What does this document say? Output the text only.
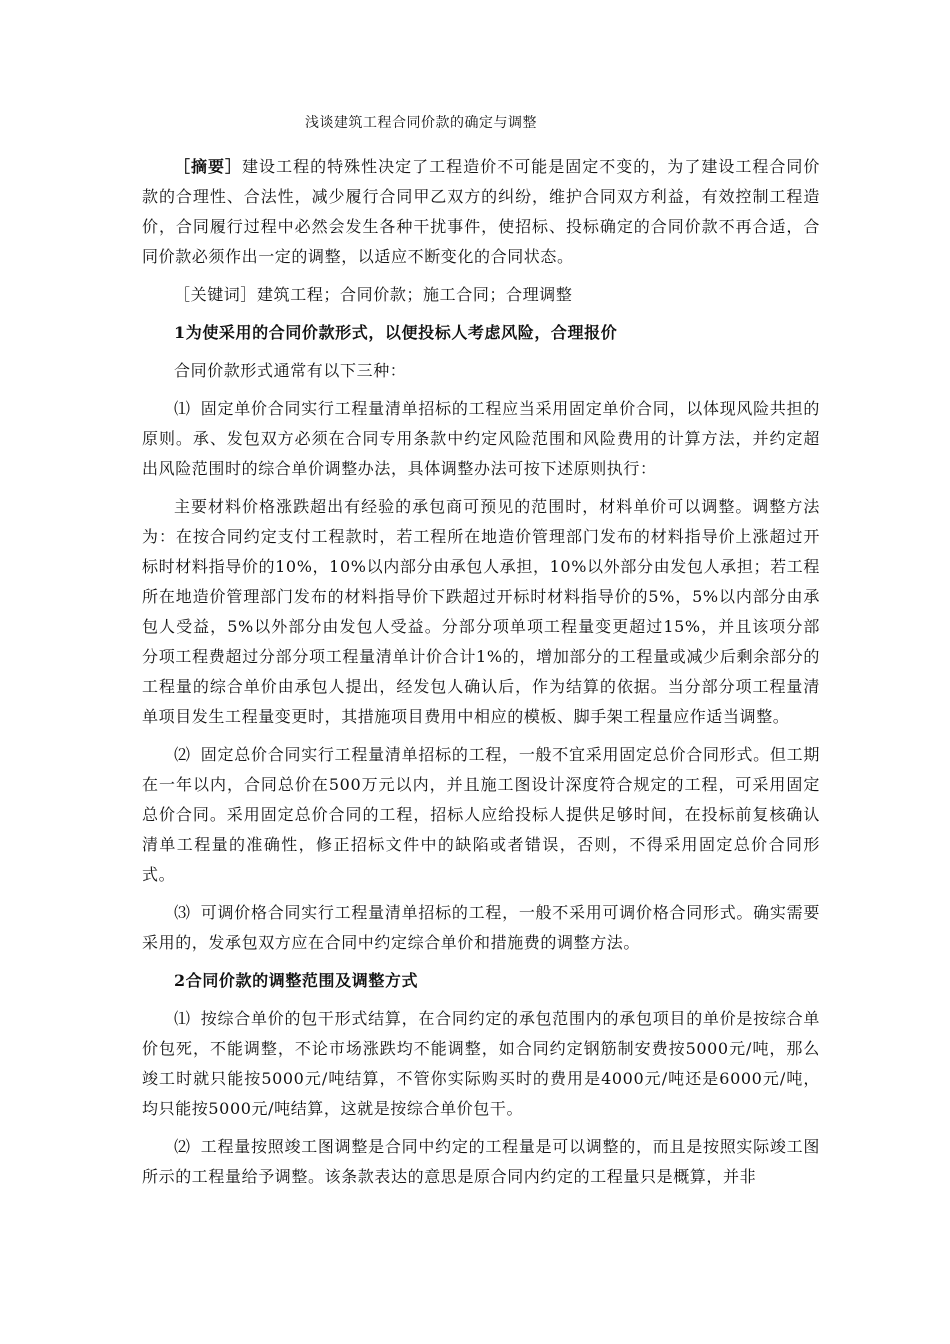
浅谈建筑工程合同价款的确定与调整

［摘要］建设工程的特殊性决定了工程造价不可能是固定不变的，为了建设工程合同价款的合理性、合法性，减少履行合同甲乙双方的纠纷，维护合同双方利益，有效控制工程造价，合同履行过程中必然会发生各种干扰事件，使招标、投标确定的合同价款不再合适，合同价款必须作出一定的调整，以适应不断变化的合同状态。

［关键词］建筑工程；合同价款；施工合同；合理调整

1为使采用的合同价款形式，以便投标人考虑风险，合理报价

合同价款形式通常有以下三种：

⑴ 固定单价合同实行工程量清单招标的工程应当采用固定单价合同，以体现风险共担的原则。承、发包双方必须在合同专用条款中约定风险范围和风险费用的计算方法，并约定超出风险范围时的综合单价调整办法，具体调整办法可按下述原则执行：

主要材料价格涨跌超出有经验的承包商可预见的范围时，材料单价可以调整。调整方法为：在按合同约定支付工程款时，若工程所在地造价管理部门发布的材料指导价上涨超过开标时材料指导价的10%，10%以内部分由承包人承担，10%以外部分由发包人承担；若工程所在地造价管理部门发布的材料指导价下跌超过开标时材料指导价的5%，5%以内部分由承包人受益，5%以外部分由发包人受益。分部分项单项工程量变更超过15%，并且该项分部分项工程费超过分部分项工程量清单计价合计1%的，增加部分的工程量或减少后剩余部分的工程量的综合单价由承包人提出，经发包人确认后，作为结算的依据。当分部分项工程量清单项目发生工程量变更时，其措施项目费用中相应的模板、脚手架工程量应作适当调整。

⑵ 固定总价合同实行工程量清单招标的工程，一般不宜采用固定总价合同形式。但工期在一年以内，合同总价在500万元以内，并且施工图设计深度符合规定的工程，可采用固定总价合同。采用固定总价合同的工程，招标人应给投标人提供足够时间，在投标前复核确认清单工程量的准确性，修正招标文件中的缺陷或者错误，否则，不得采用固定总价合同形式。

⑶ 可调价格合同实行工程量清单招标的工程，一般不采用可调价格合同形式。确实需要采用的，发承包双方应在合同中约定综合单价和措施费的调整方法。

2合同价款的调整范围及调整方式

⑴ 按综合单价的包干形式结算，在合同约定的承包范围内的承包项目的单价是按综合单价包死，不能调整，不论市场涨跌均不能调整，如合同约定钢筋制安费按5000元/吨，那么竣工时就只能按5000元/吨结算，不管你实际购买时的费用是4000元/吨还是6000元/吨，均只能按5000元/吨结算，这就是按综合单价包干。

⑵ 工程量按照竣工图调整是合同中约定的工程量是可以调整的，而且是按照实际竣工图所示的工程量给予调整。该条款表达的意思是原合同内约定的工程量只是概算，并非
